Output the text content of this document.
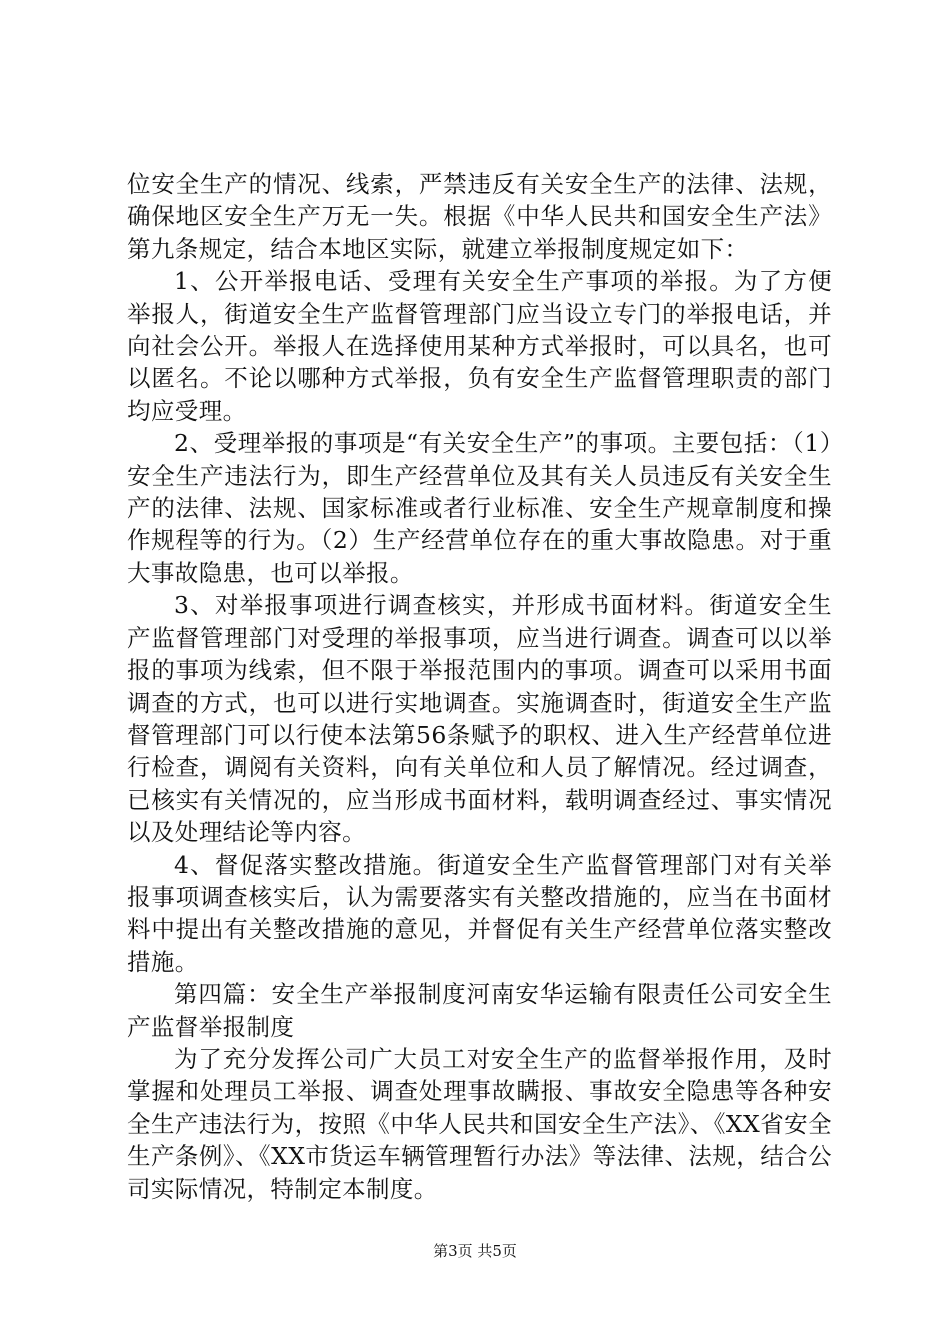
位安全生产的情况、线索，严禁违反有关安全生产的法律、法规，确保地区安全生产万无一失。根据《中华人民共和国安全生产法》第九条规定，结合本地区实际，就建立举报制度规定如下：

1、公开举报电话、受理有关安全生产事项的举报。为了方便举报人，街道安全生产监督管理部门应当设立专门的举报电话，并向社会公开。举报人在选择使用某种方式举报时，可以具名，也可以匿名。不论以哪种方式举报，负有安全生产监督管理职责的部门均应受理。

2、受理举报的事项是“有关安全生产”的事项。主要包括：（1）安全生产违法行为，即生产经营单位及其有关人员违反有关安全生产的法律、法规、国家标准或者行业标准、安全生产规章制度和操作规程等的行为。（2）生产经营单位存在的重大事故隐患。对于重大事故隐患，也可以举报。

3、对举报事项进行调查核实，并形成书面材料。街道安全生产监督管理部门对受理的举报事项，应当进行调查。调查可以以举报的事项为线索，但不限于举报范围内的事项。调查可以采用书面调查的方式，也可以进行实地调查。实施调查时，街道安全生产监督管理部门可以行使本法第56条赋予的职权、进入生产经营单位进行检查，调阅有关资料，向有关单位和人员了解情况。经过调查，已核实有关情况的，应当形成书面材料，载明调查经过、事实情况以及处理结论等内容。

4、督促落实整改措施。街道安全生产监督管理部门对有关举报事项调查核实后，认为需要落实有关整改措施的，应当在书面材料中提出有关整改措施的意见，并督促有关生产经营单位落实整改措施。

第四篇：安全生产举报制度河南安华运输有限责任公司安全生产监督举报制度

为了充分发挥公司广大员工对安全生产的监督举报作用，及时掌握和处理员工举报、调查处理事故瞒报、事故安全隐患等各种安全生产违法行为，按照《中华人民共和国安全生产法》、《XX省安全生产条例》、《XX市货运车辆管理暂行办法》等法律、法规，结合公司实际情况，特制定本制度。

第3页 共5页
